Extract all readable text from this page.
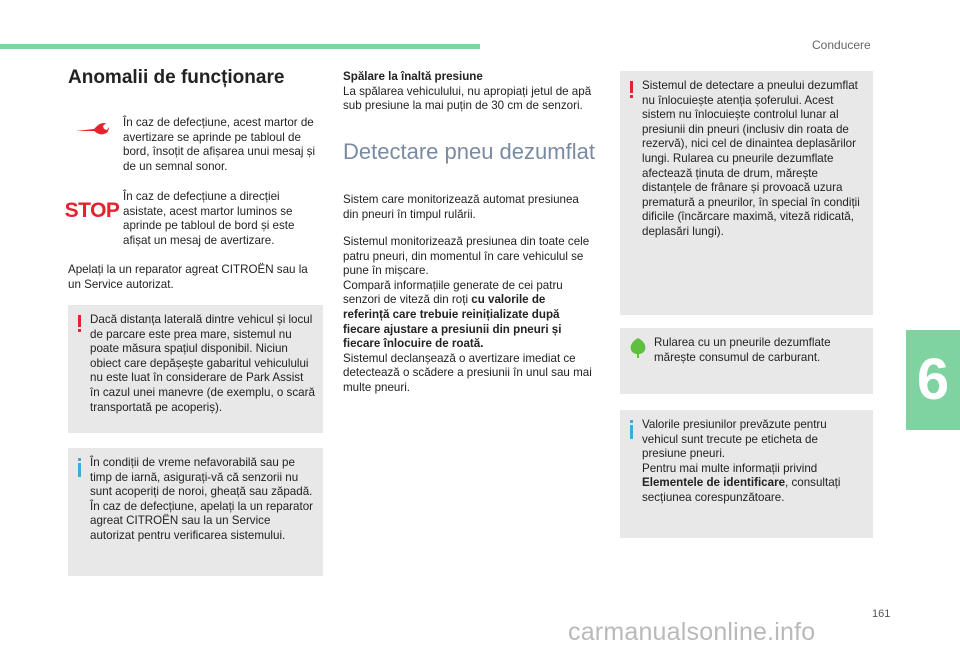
Conducere
6
Anomalii de funcționare
În caz de defecțiune, acest martor de avertizare se aprinde pe tabloul de bord, însoțit de afișarea unui mesaj și de un semnal sonor.
STOP
În caz de defecțiune a direcției asistate, acest martor luminos se aprinde pe tabloul de bord și este afișat un mesaj de avertizare.
Apelați la un reparator agreat CITROËN sau la un Service autorizat.
Dacă distanța laterală dintre vehicul și locul de parcare este prea mare, sistemul nu poate măsura spațiul disponibil. Niciun obiect care depășește gabaritul vehiculului nu este luat în considerare de Park Assist în cazul unei manevre (de exemplu, o scară transportată pe acoperiș).
În condiții de vreme nefavorabilă sau pe timp de iarnă, asigurați-vă că senzorii nu sunt acoperiți de noroi, gheață sau zăpadă. În caz de defecțiune, apelați la un reparator agreat CITROËN sau la un Service autorizat pentru verificarea sistemului.
Spălare la înaltă presiune
La spălarea vehiculului, nu apropiați jetul de apă sub presiune la mai puțin de 30 cm de senzori.
Detectare pneu dezumflat
Sistem care monitorizează automat presiunea din pneuri în timpul rulării.
Sistemul monitorizează presiunea din toate cele patru pneuri, din momentul în care vehiculul se pune în mișcare.
Compară informațiile generate de cei patru senzori de viteză din roți cu valorile de referință care trebuie reinițializate după fiecare ajustare a presiunii din pneuri și fiecare înlocuire de roată.
Sistemul declanșează o avertizare imediat ce detectează o scădere a presiunii în unul sau mai multe pneuri.
Sistemul de detectare a pneului dezumflat nu înlocuiește atenția șoferului. Acest sistem nu înlocuiește controlul lunar al presiunii din pneuri (inclusiv din roata de rezervă), nici cel de dinaintea deplasărilor lungi. Rularea cu pneurile dezumflate afectează ținuta de drum, mărește distanțele de frânare și provoacă uzura prematură a pneurilor, în special în condiții dificile (încărcare maximă, viteză ridicată, deplasări lungi).
Rularea cu un pneurile dezumflate mărește consumul de carburant.
Valorile presiunilor prevăzute pentru vehicul sunt trecute pe eticheta de presiune pneuri.
Pentru mai multe informații privind Elementele de identificare, consultați secțiunea corespunzătoare.
161
carmanualsonline.info
